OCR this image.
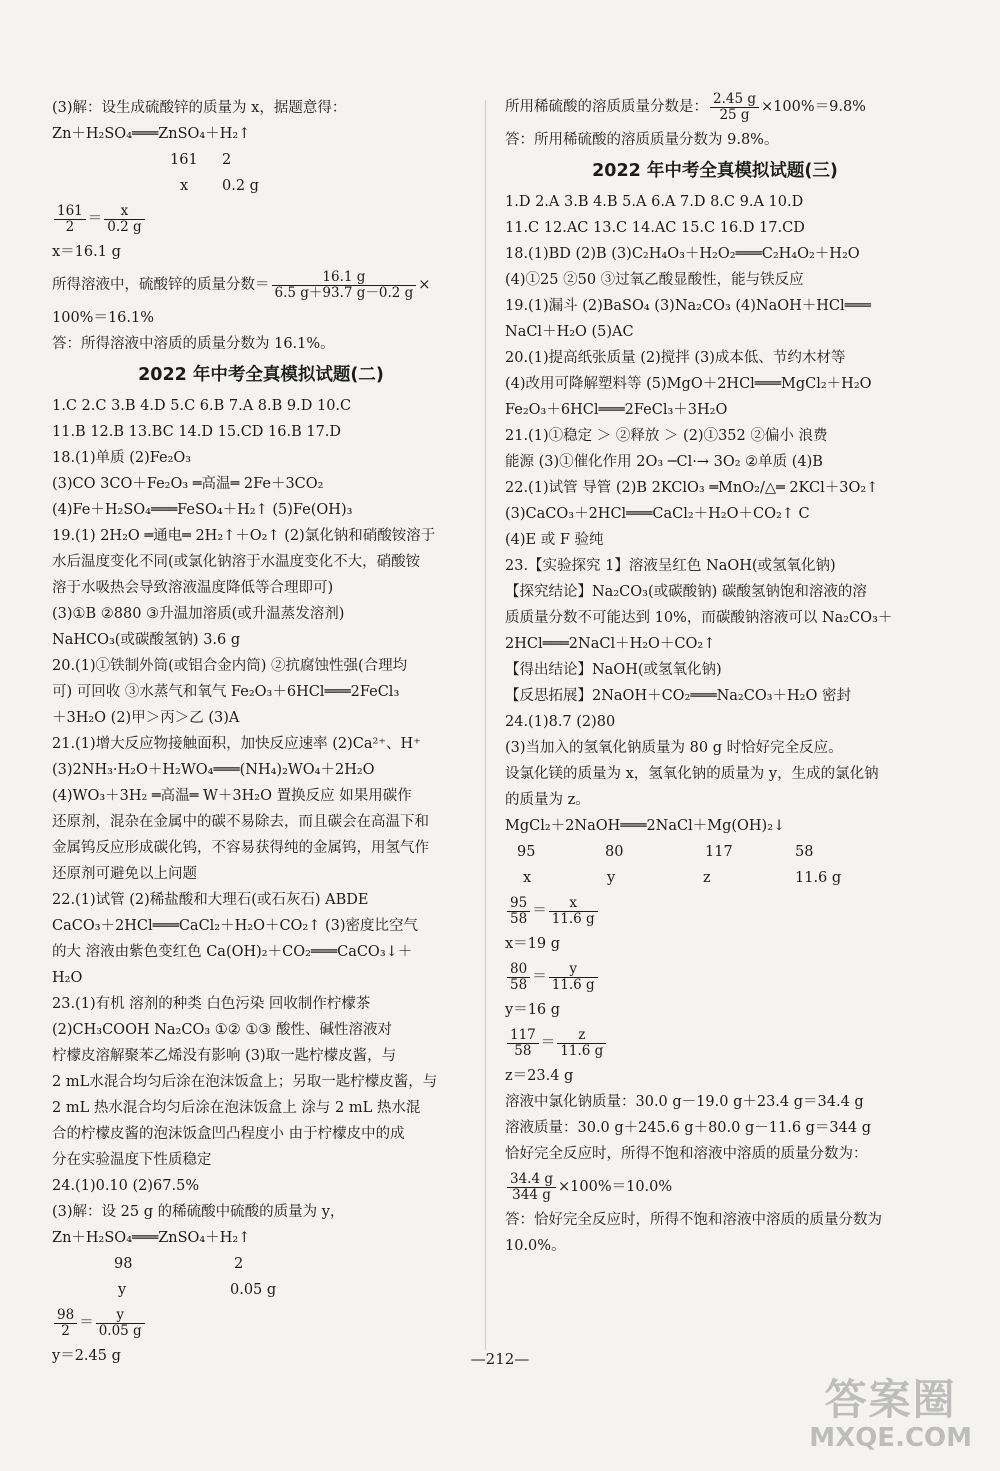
(3)解：设生成硫酸锌的质量为 x，据题意得：
Zn＋H₂SO₄═══ZnSO₄＋H₂↑
161 2
x 0.2 g
$\frac{161}{2} = \frac{x}{0.2 g}$
x＝16.1 g
所得溶液中，硫酸锌的质量分数＝ $\frac{16.1 g}{6.5 g+93.7 g-0.2 g}$ ×
100%＝16.1%
答：所得溶液中溶质的质量分数为 16.1%。
2022 年中考全真模拟试题(二)
1.C 2.C 3.B 4.D 5.C 6.B 7.A 8.B 9.D 10.C
11.B 12.B 13.BC 14.D 15.CD 16.B 17.D
18.(1)单质 (2)Fe₂O₃
(3)CO 3CO＋Fe₂O₃ ═高温═ 2Fe＋3CO₂
(4)Fe＋H₂SO₄═══FeSO₄＋H₂↑ (5)Fe(OH)₃
19.(1) 2H₂O ═通电═ 2H₂↑＋O₂↑ (2)氯化钠和硝酸铵溶于
水后温度变化不同(或氯化钠溶于水温度变化不大，硝酸铵
溶于水吸热会导致溶液温度降低等合理即可)
(3)①B ②880 ③升温加溶质(或升温蒸发溶剂)
NaHCO₃(或碳酸氢钠) 3.6 g
20.(1)①铁制外筒(或铝合金内筒) ②抗腐蚀性强(合理均
可) 可回收 ③水蒸气和氧气 Fe₂O₃＋6HCl═══2FeCl₃
＋3H₂O (2)甲＞丙＞乙 (3)A
21.(1)增大反应物接触面积，加快反应速率 (2)Ca²⁺、H⁺
(3)2NH₃·H₂O＋H₂WO₄═══(NH₄)₂WO₄＋2H₂O
(4)WO₃＋3H₂ ═高温═ W＋3H₂O 置换反应 如果用碳作
还原剂，混杂在金属中的碳不易除去，而且碳会在高温下和
金属钨反应形成碳化钨，不容易获得纯的金属钨，用氢气作
还原剂可避免以上问题
22.(1)试管 (2)稀盐酸和大理石(或石灰石) ABDE
CaCO₃＋2HCl═══CaCl₂＋H₂O＋CO₂↑ (3)密度比空气
的大 溶液由紫色变红色 Ca(OH)₂＋CO₂═══CaCO₃↓＋
H₂O
23.(1)有机 溶剂的种类 白色污染 回收制作柠檬茶
(2)CH₃COOH Na₂CO₃ ①② ①③ 酸性、碱性溶液对
柠檬皮溶解聚苯乙烯没有影响 (3)取一匙柠檬皮酱，与
2 mL水混合均匀后涂在泡沫饭盒上；另取一匙柠檬皮酱，与
2 mL 热水混合均匀后涂在泡沫饭盒上 涂与 2 mL 热水混
合的柠檬皮酱的泡沫饭盒凹凸程度小 由于柠檬皮中的成
分在实验温度下性质稳定
24.(1)0.10 (2)67.5%
(3)解：设 25 g 的稀硫酸中硫酸的质量为 y，
Zn＋H₂SO₄═══ZnSO₄＋H₂↑
98	2
y	0.05 g
$\frac{98}{2} = \frac{y}{0.05 g}$
y＝2.45 g
所用稀硫酸的溶质质量分数是： $\frac{2.45 g}{25 g} \times 100\%=9.8\%$
答：所用稀硫酸的溶质质量分数为 9.8%。
2022 年中考全真模拟试题(三)
1.D 2.A 3.B 4.B 5.A 6.A 7.D 8.C 9.A 10.D
11.C 12.AC 13.C 14.AC 15.C 16.D 17.CD
18.(1)BD (2)B (3)C₂H₄O₃＋H₂O₂═══C₂H₄O₂＋H₂O
(4)①25 ②50 ③过氧乙酸显酸性，能与铁反应
19.(1)漏斗 (2)BaSO₄ (3)Na₂CO₃ (4)NaOH＋HCl═══
NaCl＋H₂O (5)AC
20.(1)提高纸张质量 (2)搅拌 (3)成本低、节约木材等
(4)改用可降解塑料等 (5)MgO＋2HCl═══MgCl₂＋H₂O
Fe₂O₃＋6HCl═══2FeCl₃＋3H₂O
21.(1)①稳定 ＞ ②释放 ＞ (2)①352 ②偏小 浪费
能源 (3)①催化作用 2O₃ ─Cl·→ 3O₂ ②单质 (4)B
22.(1)试管 导管 (2)B 2KClO₃ ═MnO₂/△═ 2KCl＋3O₂↑
(3)CaCO₃＋2HCl═══CaCl₂＋H₂O＋CO₂↑ C
(4)E 或 F 验纯
23.【实验探究 1】溶液呈红色 NaOH(或氢氧化钠)
【探究结论】Na₂CO₃(或碳酸钠) 碳酸氢钠饱和溶液的溶
质质量分数不可能达到 10%，而碳酸钠溶液可以 Na₂CO₃＋
2HCl═══2NaCl＋H₂O＋CO₂↑
【得出结论】NaOH(或氢氧化钠)
【反思拓展】2NaOH＋CO₂═══Na₂CO₃＋H₂O 密封
24.(1)8.7 (2)80
(3)当加入的氢氧化钠质量为 80 g 时恰好完全反应。
设氯化镁的质量为 x，氢氧化钠的质量为 y，生成的氯化钠
的质量为 z。
MgCl₂＋2NaOH═══2NaCl＋Mg(OH)₂↓
95	80	117	58
x	y	z	11.6 g
$\frac{95}{58} = \frac{x}{11.6 g}$
x＝19 g
$\frac{80}{58} = \frac{y}{11.6 g}$
y＝16 g
$\frac{117}{58} = \frac{z}{11.6 g}$
z＝23.4 g
溶液中氯化钠质量：30.0 g－19.0 g＋23.4 g＝34.4 g
溶液质量：30.0 g＋245.6 g＋80.0 g－11.6 g＝344 g
恰好完全反应时，所得不饱和溶液中溶质的质量分数为：
$\frac{34.4 g}{344 g} \times 100\%=10.0\%$
答：恰好完全反应时，所得不饱和溶液中溶质的质量分数为
10.0%。
—212—
答案圈
MXQE.COM
